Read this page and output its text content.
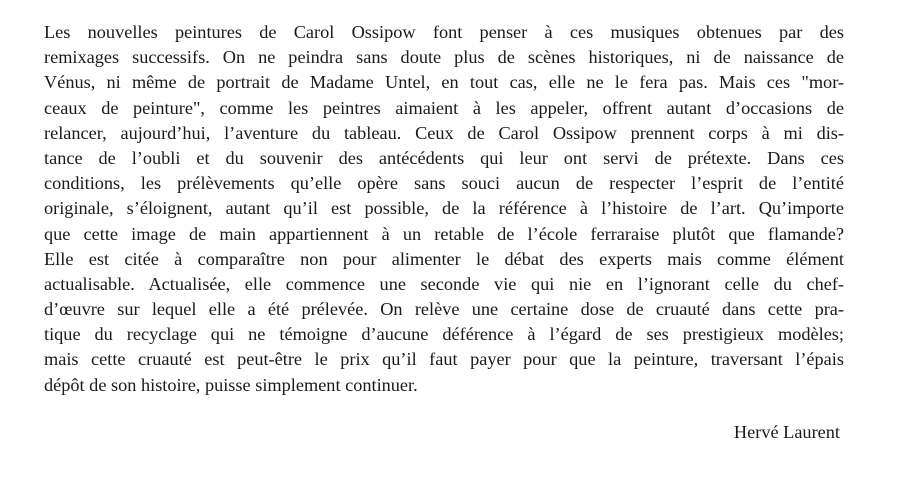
Les nouvelles peintures de Carol Ossipow font penser à ces musiques obtenues par des
remixages successifs. On ne peindra sans doute plus de scènes historiques, ni de naissance de
Vénus, ni même de portrait de Madame Untel, en tout cas, elle ne le fera pas. Mais ces "mor-
ceaux de peinture", comme les peintres aimaient à les appeler, offrent autant d’occasions de
relancer, aujourd’hui, l’aventure du tableau. Ceux de Carol Ossipow prennent corps à mi dis-
tance de l’oubli et du souvenir des antécédents qui leur ont servi de prétexte. Dans ces
conditions, les prélèvements qu’elle opère sans souci aucun de respecter l’esprit de l’entité
originale, s’éloignent, autant qu’il est possible, de la référence à l’histoire de l’art. Qu’importe
que cette image de main appartiennent à un retable de l’école ferraraise plutôt que flamande?
Elle est citée à comparaître non pour alimenter le débat des experts mais comme élément
actualisable. Actualisée, elle commence une seconde vie qui nie en l’ignorant celle du chef-
d’œuvre sur lequel elle a été prélevée. On relève une certaine dose de cruauté dans cette pra-
tique du recyclage qui ne témoigne d’aucune déférence à l’égard de ses prestigieux modèles;
mais cette cruauté est peut-être le prix qu’il faut payer pour que la peinture, traversant l’épais
dépôt de son histoire, puisse simplement continuer.
Hervé Laurent
